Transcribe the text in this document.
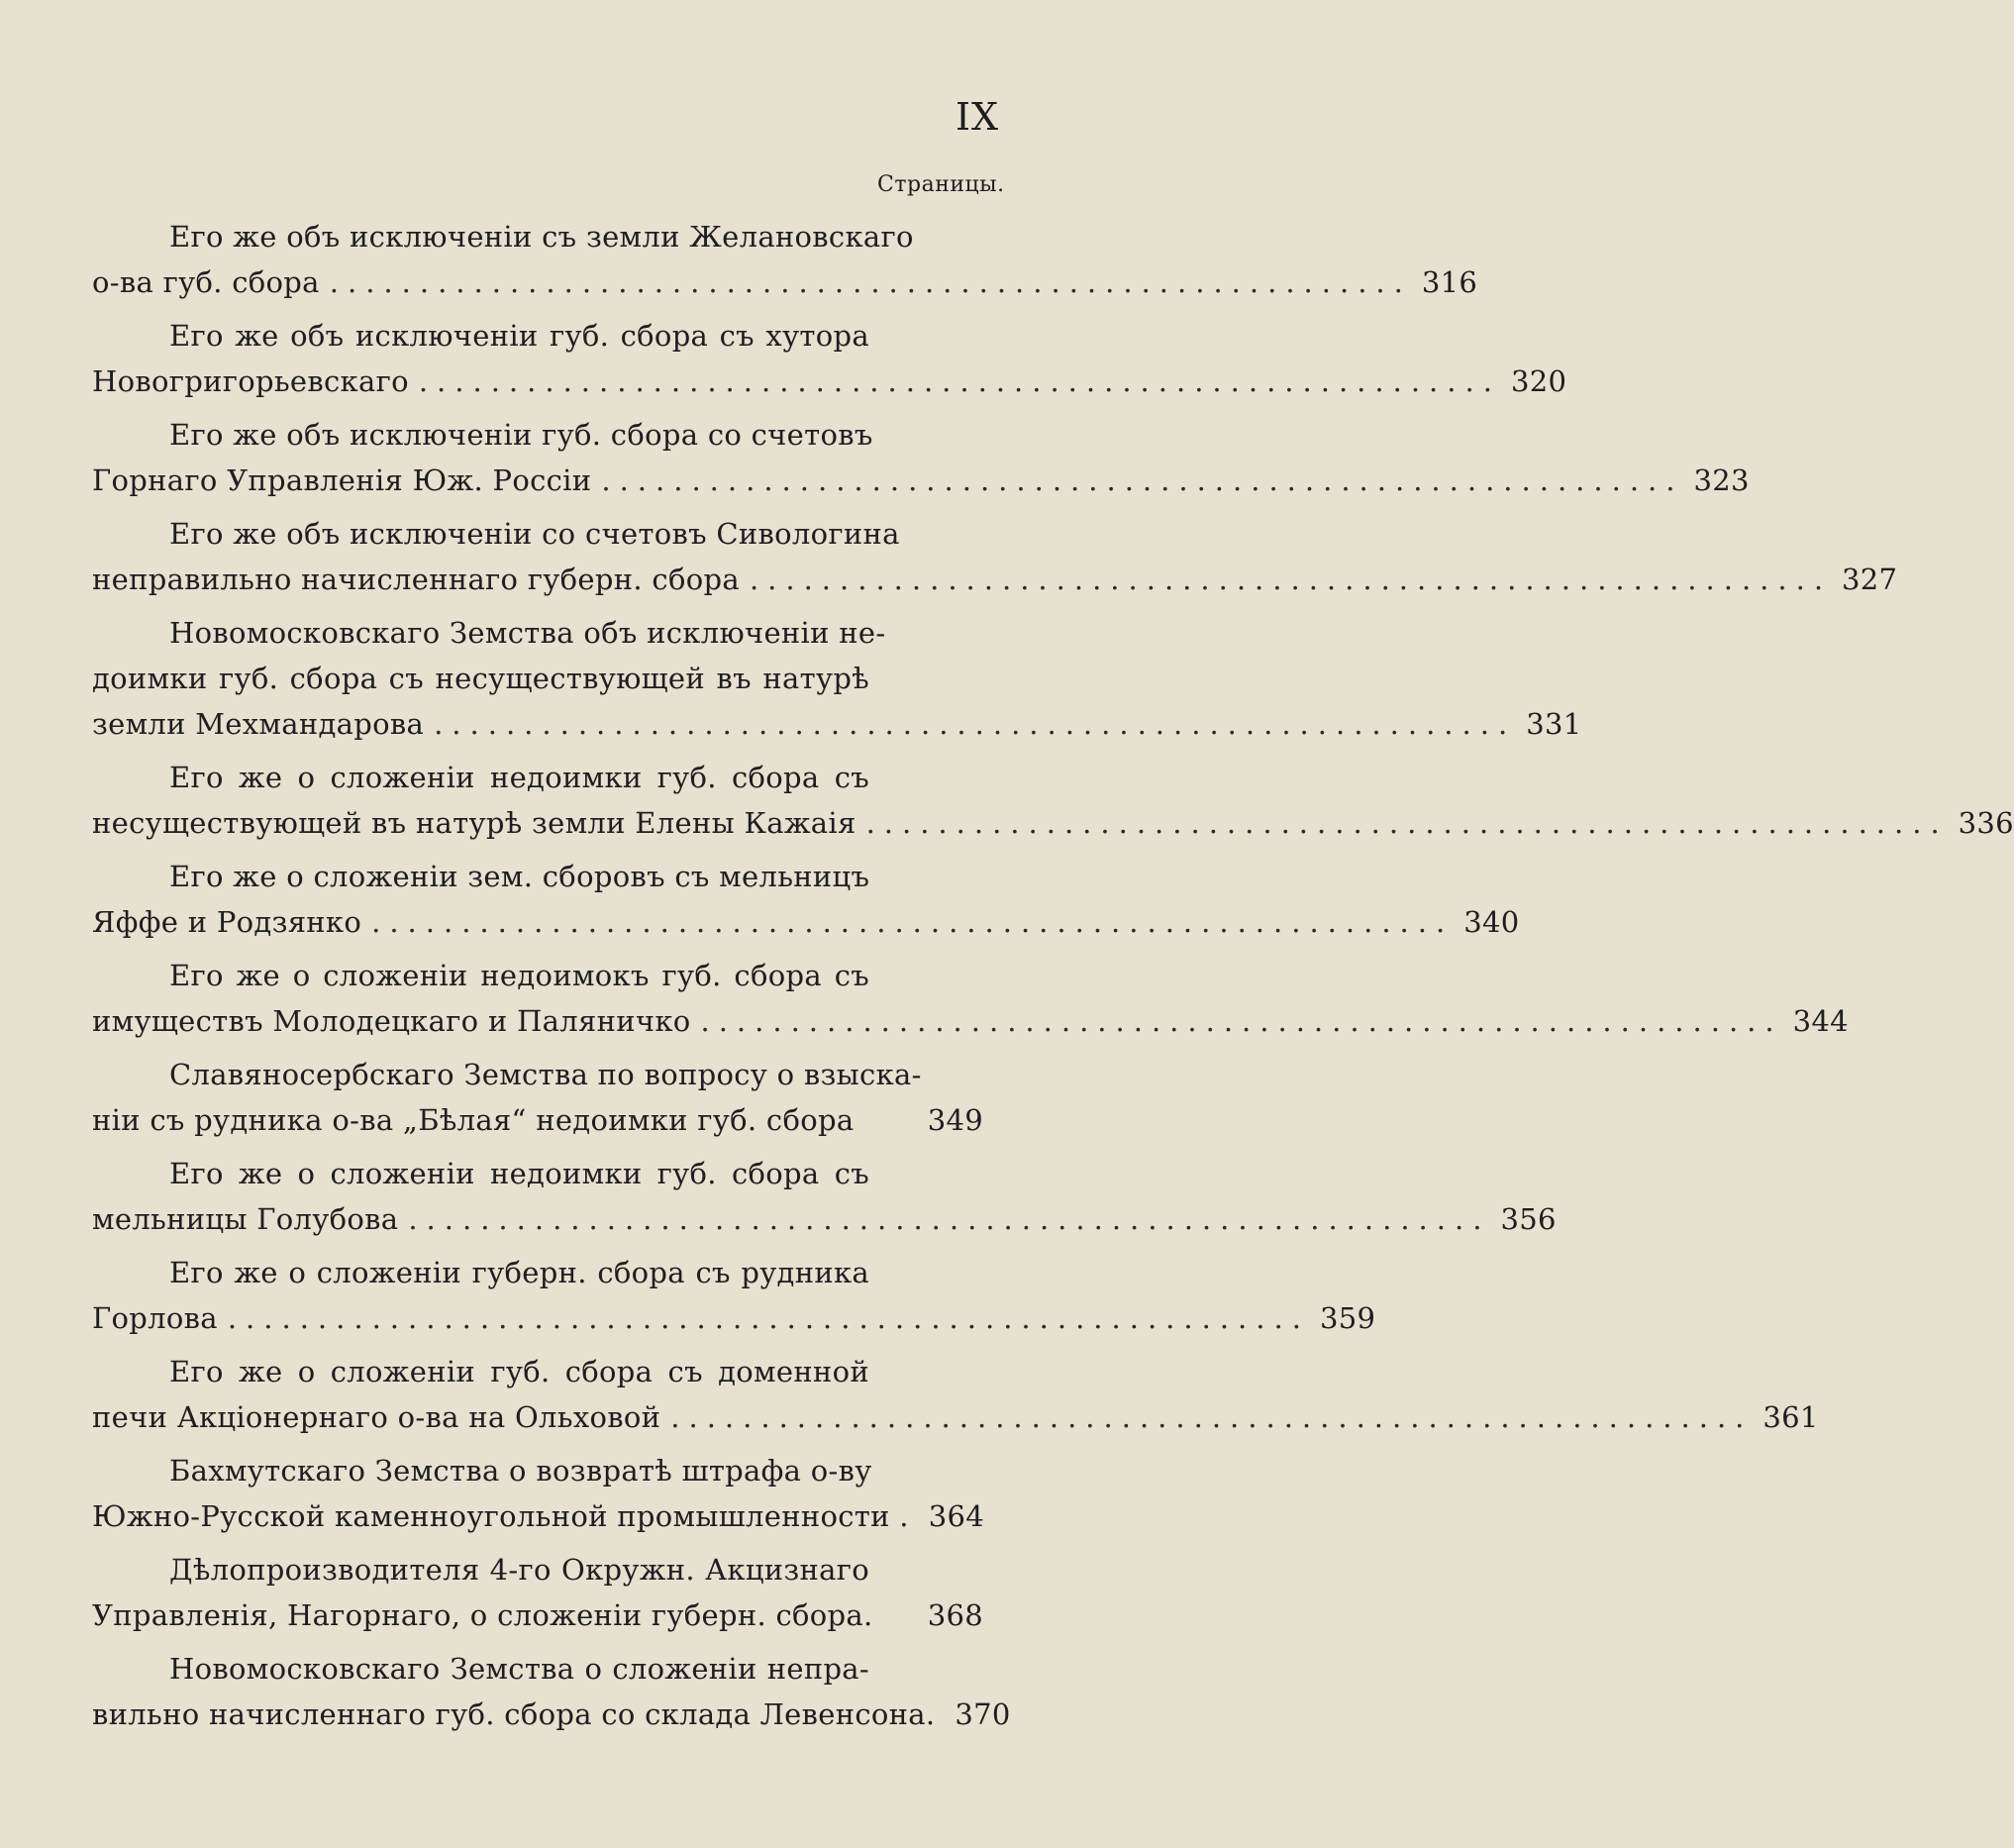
IX
Страницы.
Его же объ исключеніи съ земли Желановскаго
о-ва губ. сбора ............................................................ 316
Его же объ исключеніи губ. сбора съ хутора
Новогригорьевскаго ............................................................ 320
Его же объ исключеніи губ. сбора со счетовъ
Горнаго Управленія Юж. Россіи ............................................................ 323
Его же объ исключеніи со счетовъ Сивологина
неправильно начисленнаго губерн. сбора ............................................................ 327
Новомосковскаго Земства объ исключеніи не-
доимки губ. сбора съ несуществующей въ натурѣ
земли Мехмандарова ............................................................ 331
Его же о сложеніи недоимки губ. сбора съ
несуществующей въ натурѣ земли Елены Кажаія ............................................................ 336
Его же о сложеніи зем. сборовъ съ мельницъ
Яффе и Родзянко ............................................................ 340
Его же о сложеніи недоимокъ губ. сбора съ
имуществъ Молодецкаго и Паляничко ............................................................ 344
Славяносербскаго Земства по вопросу о взыска-
ніи съ рудника о-ва „Бѣлая“ недоимки губ. сбора	349
Его же о сложеніи недоимки губ. сбора съ
мельницы Голубова ............................................................ 356
Его же о сложеніи губерн. сбора съ рудника
Горлова ............................................................ 359
Его же о сложеніи губ. сбора съ доменной
печи Акціонернаго о-ва на Ольховой ............................................................ 361
Бахмутскаго Земства о возвратѣ штрафа о-ву
Южно-Русской каменноугольной промышленности . 364
Дѣлопроизводителя 4-го Окружн. Акцизнаго
Управленія, Нагорнаго, о сложеніи губерн. сбора.	368
Новомосковскаго Земства о сложеніи непра-
вильно начисленнаго губ. сбора со склада Левенсона. 370
